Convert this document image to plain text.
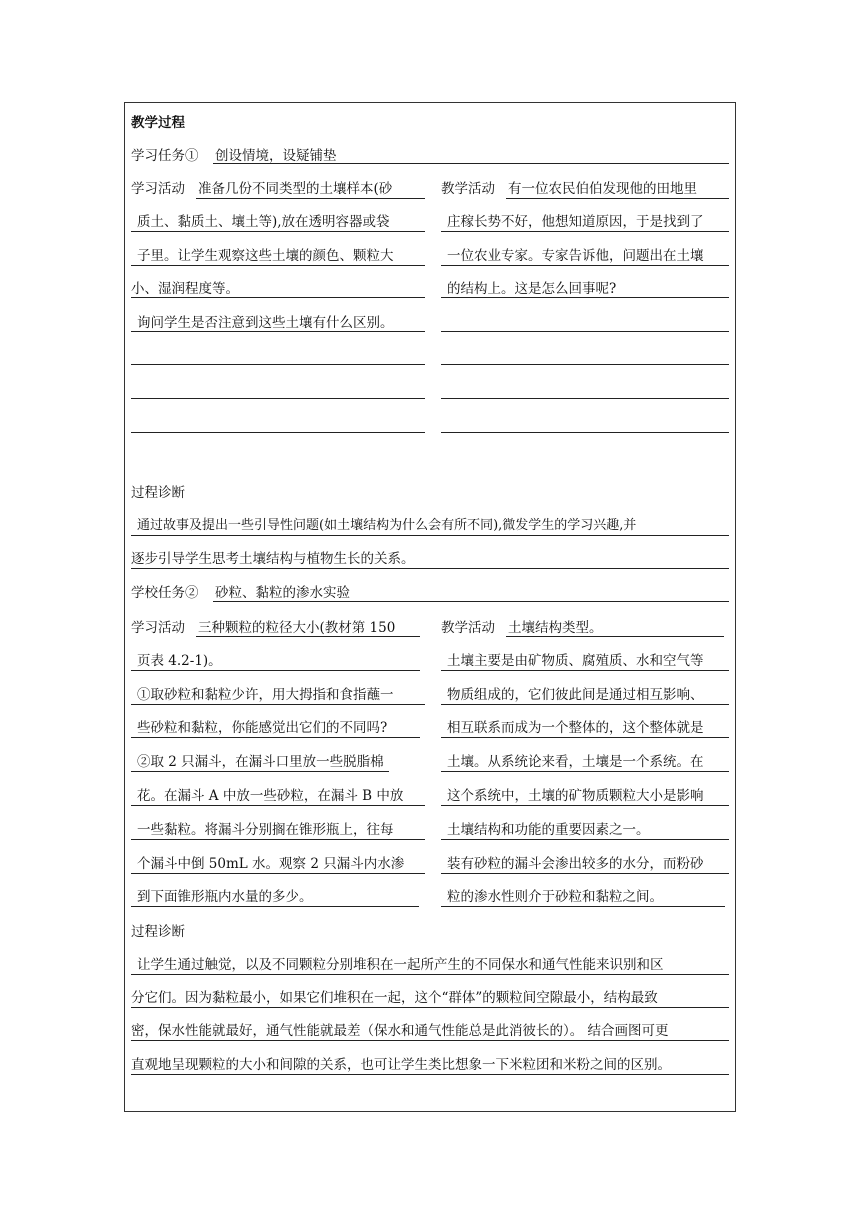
教学过程
学习任务① 创设情境，设疑铺垫
学习活动 准备几份不同类型的土壤样本(砂
质土、黏质土、壤土等),放在透明容器或袋
子里。让学生观察这些土壤的颜色、颗粒大
小、湿润程度等。
询问学生是否注意到这些土壤有什么区别。
教学活动 有一位农民伯伯发现他的田地里
庄稼长势不好，他想知道原因，于是找到了
一位农业专家。专家告诉他，问题出在土壤
的结构上。这是怎么回事呢?
过程诊断
通过故事及提出一些引导性问题(如土壤结构为什么会有所不同),微发学生的学习兴趣,并
逐步引导学生思考土壤结构与植物生长的关系。
学校任务② 砂粒、黏粒的渗水实验
学习活动 三种颗粒的粒径大小(教材第 150
页表 4.2-1)。
①取砂粒和黏粒少许，用大拇指和食指蘸一
些砂粒和黏粒，你能感觉出它们的不同吗?
②取 2 只漏斗，在漏斗口里放一些脱脂棉
花。在漏斗 A 中放一些砂粒，在漏斗 B 中放
一些黏粒。将漏斗分别搁在锥形瓶上，往每
个漏斗中倒 50mL 水。观察 2 只漏斗内水渗
到下面锥形瓶内水量的多少。
教学活动 土壤结构类型。
土壤主要是由矿物质、腐殖质、水和空气等
物质组成的，它们彼此间是通过相互影响、
相互联系而成为一个整体的，这个整体就是
土壤。从系统论来看，土壤是一个系统。在
这个系统中，土壤的矿物质颗粒大小是影响
土壤结构和功能的重要因素之一。
装有砂粒的漏斗会渗出较多的水分，而粉砂
粒的渗水性则介于砂粒和黏粒之间。
过程诊断
让学生通过触觉，以及不同颗粒分别堆积在一起所产生的不同保水和通气性能来识别和区
分它们。因为黏粒最小，如果它们堆积在一起，这个“群体”的颗粒间空隙最小，结构最致
密，保水性能就最好，通气性能就最差（保水和通气性能总是此消彼长的）。 结合画图可更
直观地呈现颗粒的大小和间隙的关系，也可让学生类比想象一下米粒团和米粉之间的区别。
